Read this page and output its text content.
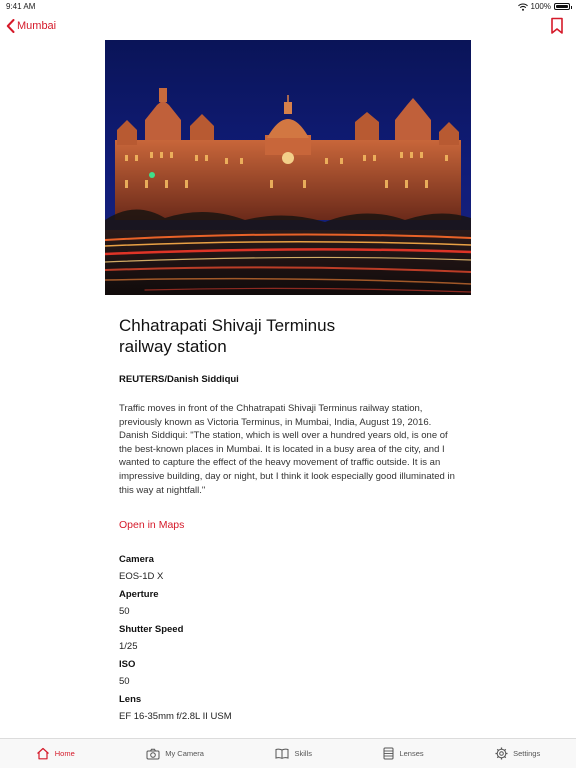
9:41 AM	100%
Mumbai
Chhatrapati Shivaji Terminus
railway station
REUTERS/Danish Siddiqui
Traffic moves in front of the Chhatrapati Shivaji Terminus railway station, previously known as Victoria Terminus, in Mumbai, India, August 19, 2016. Danish Siddiqui: "The station, which is well over a hundred years old, is one of the best-known places in Mumbai. It is located in a busy area of the city, and I wanted to capture the effect of the heavy movement of traffic outside. It is an impressive building, day or night, but I think it look especially good illuminated in this way at nightfall."
Open in Maps
Camera
EOS-1D X
Aperture
50
Shutter Speed
1/25
ISO
50
Lens
EF 16-35mm f/2.8L II USM
Home	My Camera	Skills	Lenses	Settings
